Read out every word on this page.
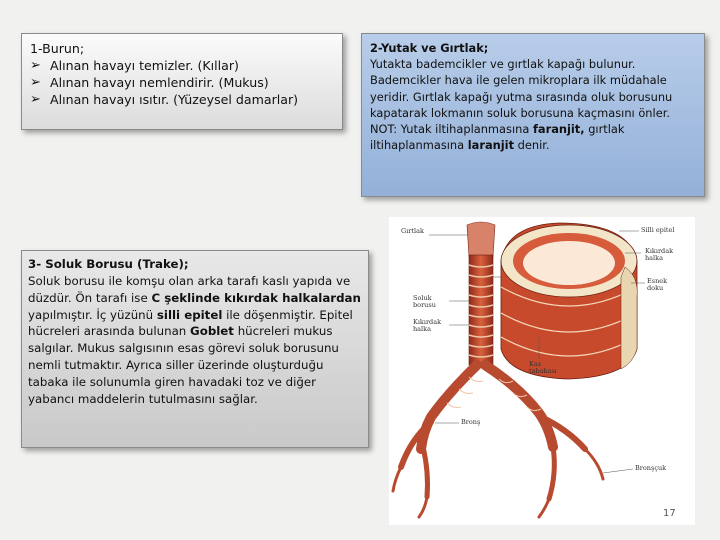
1-Burun;
➢ Alınan havayı temizler. (Kıllar)
➢ Alınan havayı nemlendirir. (Mukus)
➢ Alınan havayı ısıtır. (Yüzeysel damarlar)
2-Yutak ve Gırtlak;
Yutakta bademcikler ve gırtlak kapağı bulunur. Bademcikler hava ile gelen mikroplara ilk müdahale yeridir. Gırtlak kapağı yutma sırasında oluk borusunu kapatarak lokmanın soluk borusuna kaçmasını önler.
NOT: Yutak iltihaplanmasına faranjit, gırtlak iltihaplanmasına laranjit denir.
3- Soluk Borusu (Trake);
Soluk borusu ile komşu olan arka tarafı kaslı yapıda ve düzdür. Ön tarafı ise C şeklinde kıkırdak halkalardan yapılmıştır. İç yüzünü silli epitel ile döşenmiştir. Epitel hücreleri arasında bulunan Goblet hücreleri mukus salgılar. Mukus salgısının esas görevi soluk borusunu nemli tutmaktır. Ayrıca siller üzerinde oluşturduğu tabaka ile solunumla giren havadaki toz ve diğer yabancı maddelerin tutulmasını sağlar.
Gırtlak	Silli epitel
Kıkırdak halka
Esnek doku
Soluk borusu
Kıkırdak halka
Kas tabakası
Bronş
Bronşçuk
17
